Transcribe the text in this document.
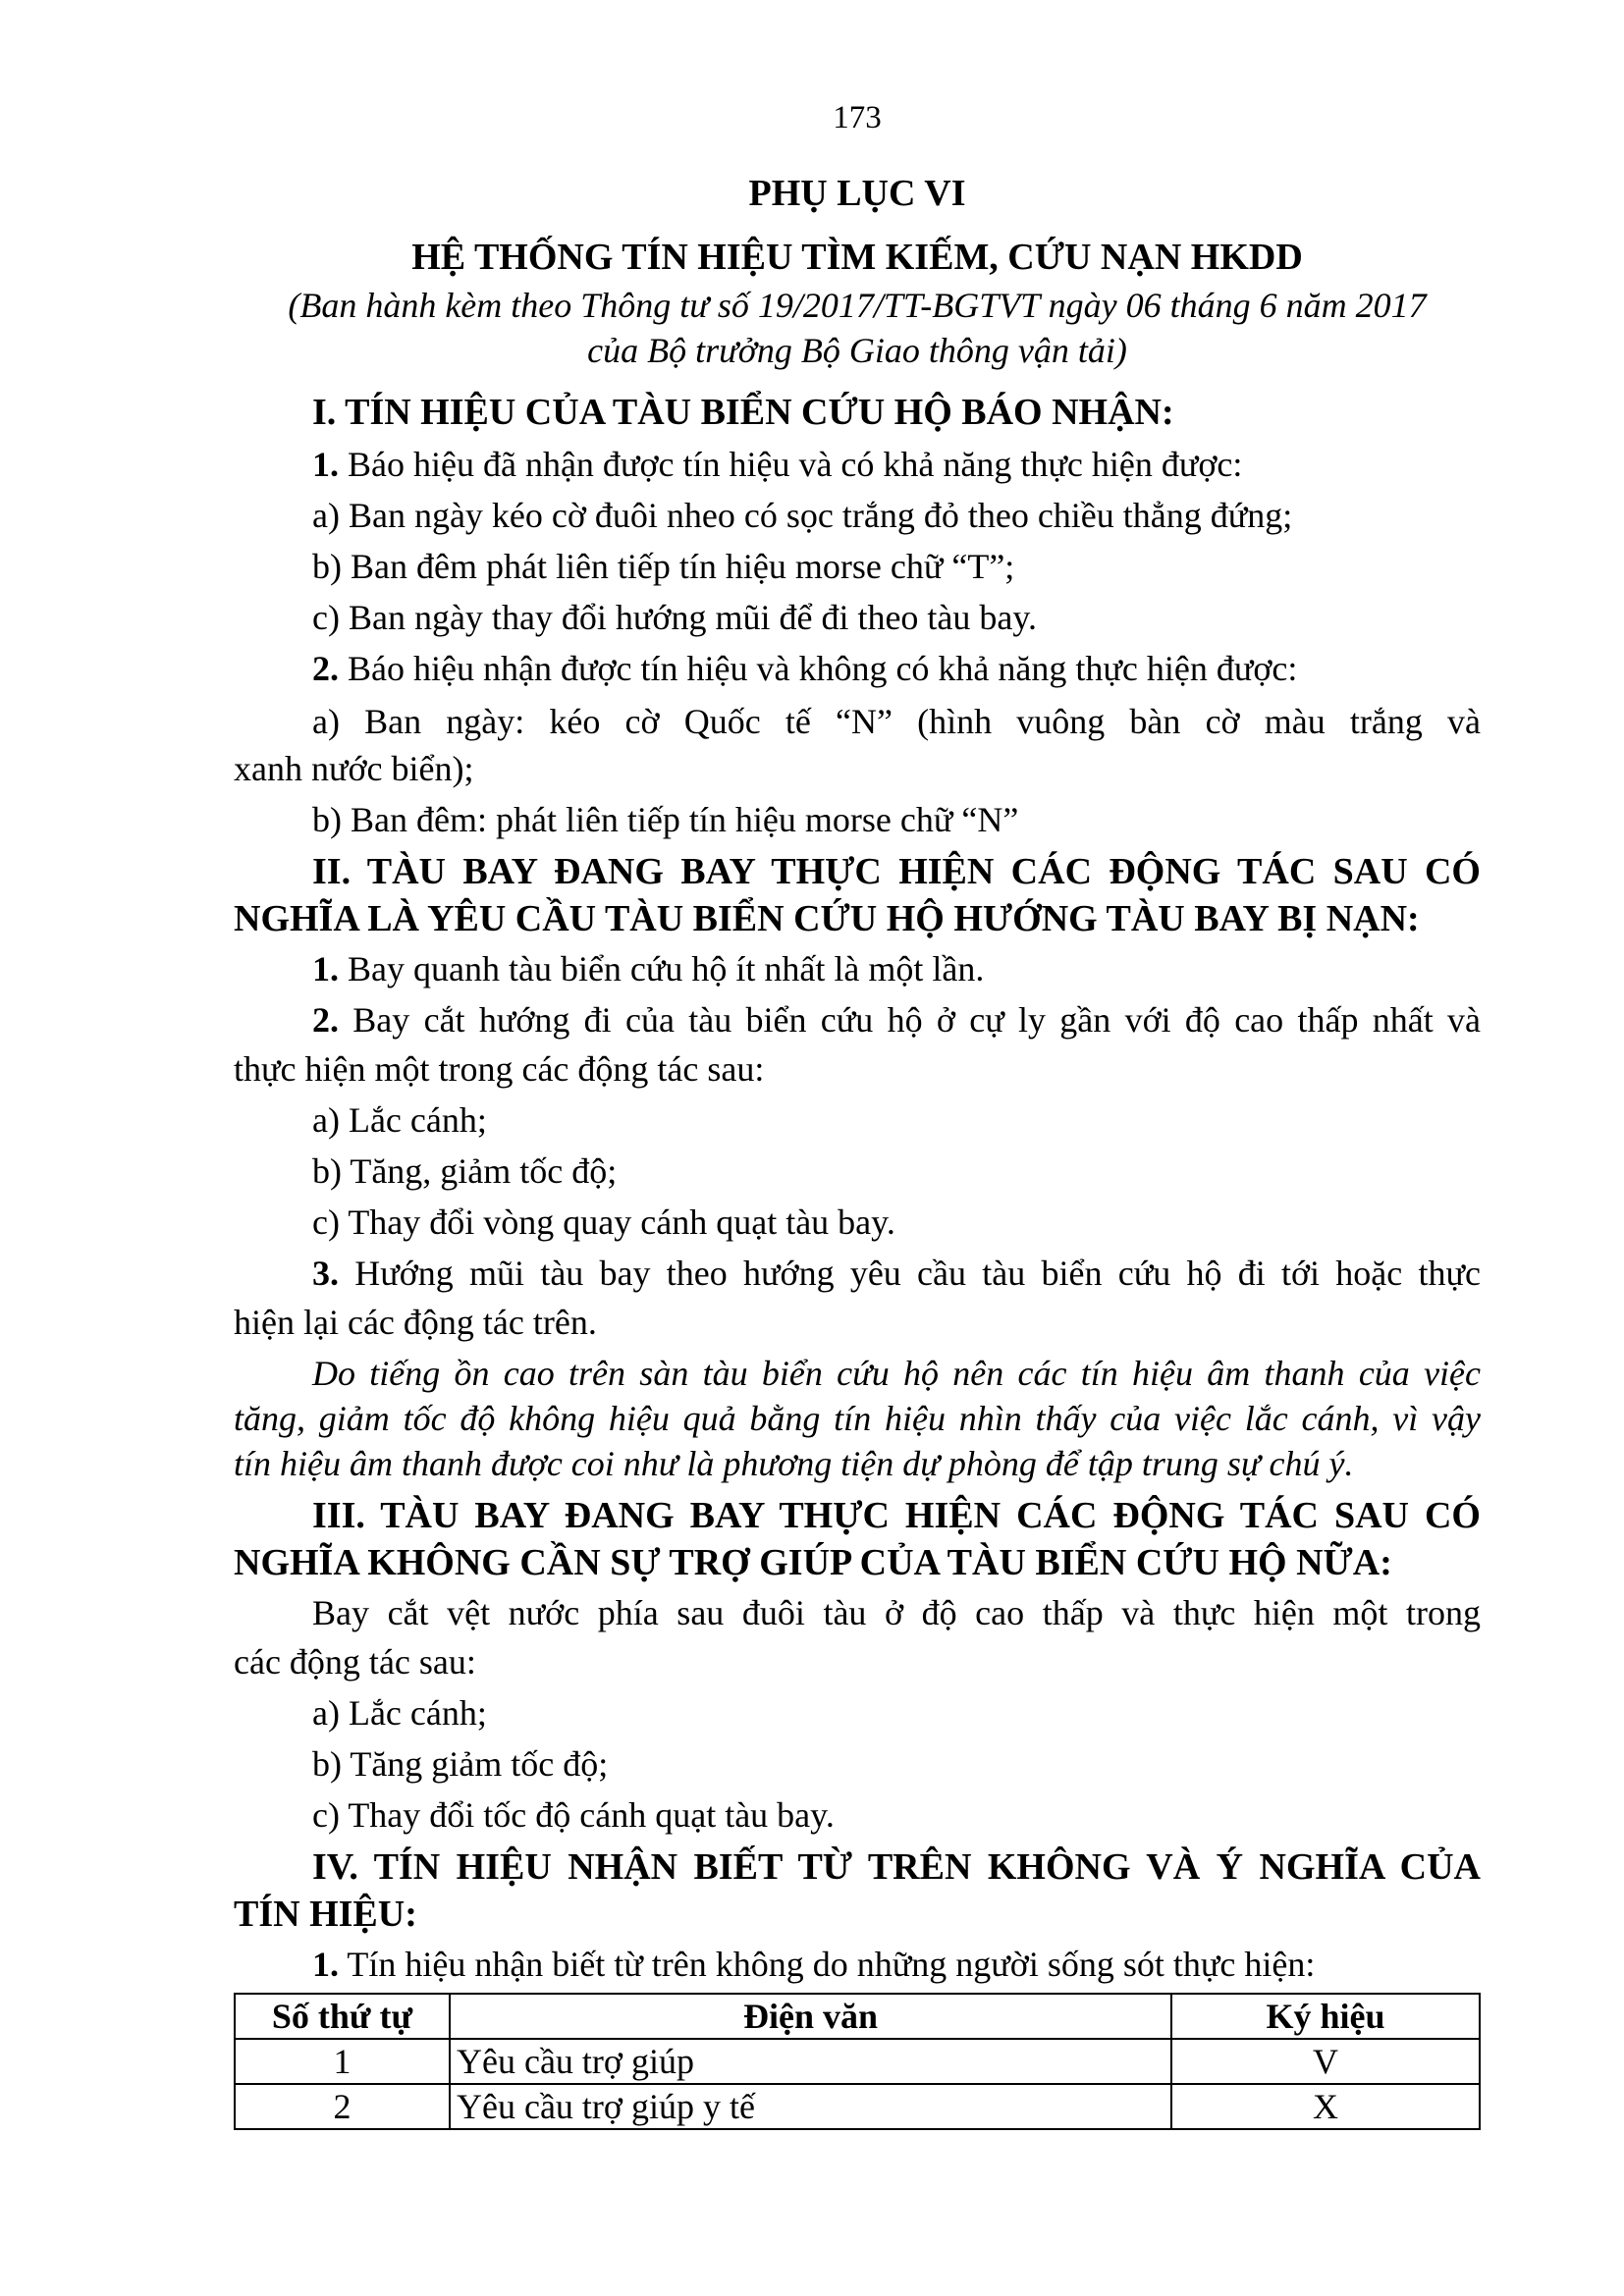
173
PHỤ LỤC VI
HỆ THỐNG TÍN HIỆU TÌM KIẾM, CỨU NẠN HKDD
(Ban hành kèm theo Thông tư số 19/2017/TT-BGTVT ngày 06 tháng 6 năm 2017
của Bộ trưởng Bộ Giao thông vận tải)
I. TÍN HIỆU CỦA TÀU BIỂN CỨU HỘ BÁO NHẬN:
1. Báo hiệu đã nhận được tín hiệu và có khả năng thực hiện được:
a) Ban ngày kéo cờ đuôi nheo có sọc trắng đỏ theo chiều thẳng đứng;
b) Ban đêm phát liên tiếp tín hiệu morse chữ “T”;
c) Ban ngày thay đổi hướng mũi để đi theo tàu bay.
2. Báo hiệu nhận được tín hiệu và không có khả năng thực hiện được:
a) Ban ngày: kéo cờ Quốc tế “N” (hình vuông bàn cờ màu trắng và
xanh nước biển);
b) Ban đêm: phát liên tiếp tín hiệu morse chữ “N”
II. TÀU BAY ĐANG BAY THỰC HIỆN CÁC ĐỘNG TÁC SAU CÓ
NGHĨA LÀ YÊU CẦU TÀU BIỂN CỨU HỘ HƯỚNG TÀU BAY BỊ NẠN:
1. Bay quanh tàu biển cứu hộ ít nhất là một lần.
2. Bay cắt hướng đi của tàu biển cứu hộ ở cự ly gần với độ cao thấp nhất và
thực hiện một trong các động tác sau:
a) Lắc cánh;
b) Tăng, giảm tốc độ;
c) Thay đổi vòng quay cánh quạt tàu bay.
3. Hướng mũi tàu bay theo hướng yêu cầu tàu biển cứu hộ đi tới hoặc thực
hiện lại các động tác trên.
Do tiếng ồn cao trên sàn tàu biển cứu hộ nên các tín hiệu âm thanh của việc
tăng, giảm tốc độ không hiệu quả bằng tín hiệu nhìn thấy của việc lắc cánh, vì vậy
tín hiệu âm thanh được coi như là phương tiện dự phòng để tập trung sự chú ý.
III. TÀU BAY ĐANG BAY THỰC HIỆN CÁC ĐỘNG TÁC SAU CÓ
NGHĨA KHÔNG CẦN SỰ TRỢ GIÚP CỦA TÀU BIỂN CỨU HỘ NỮA:
Bay cắt vệt nước phía sau đuôi tàu ở độ cao thấp và thực hiện một trong
các động tác sau:
a) Lắc cánh;
b) Tăng giảm tốc độ;
c) Thay đổi tốc độ cánh quạt tàu bay.
IV. TÍN HIỆU NHẬN BIẾT TỪ TRÊN KHÔNG VÀ Ý NGHĨA CỦA
TÍN HIỆU:
1. Tín hiệu nhận biết từ trên không do những người sống sót thực hiện:
Số thứ tự	Điện văn	Ký hiệu
1	Yêu cầu trợ giúp	V
2	Yêu cầu trợ giúp y tế	X
